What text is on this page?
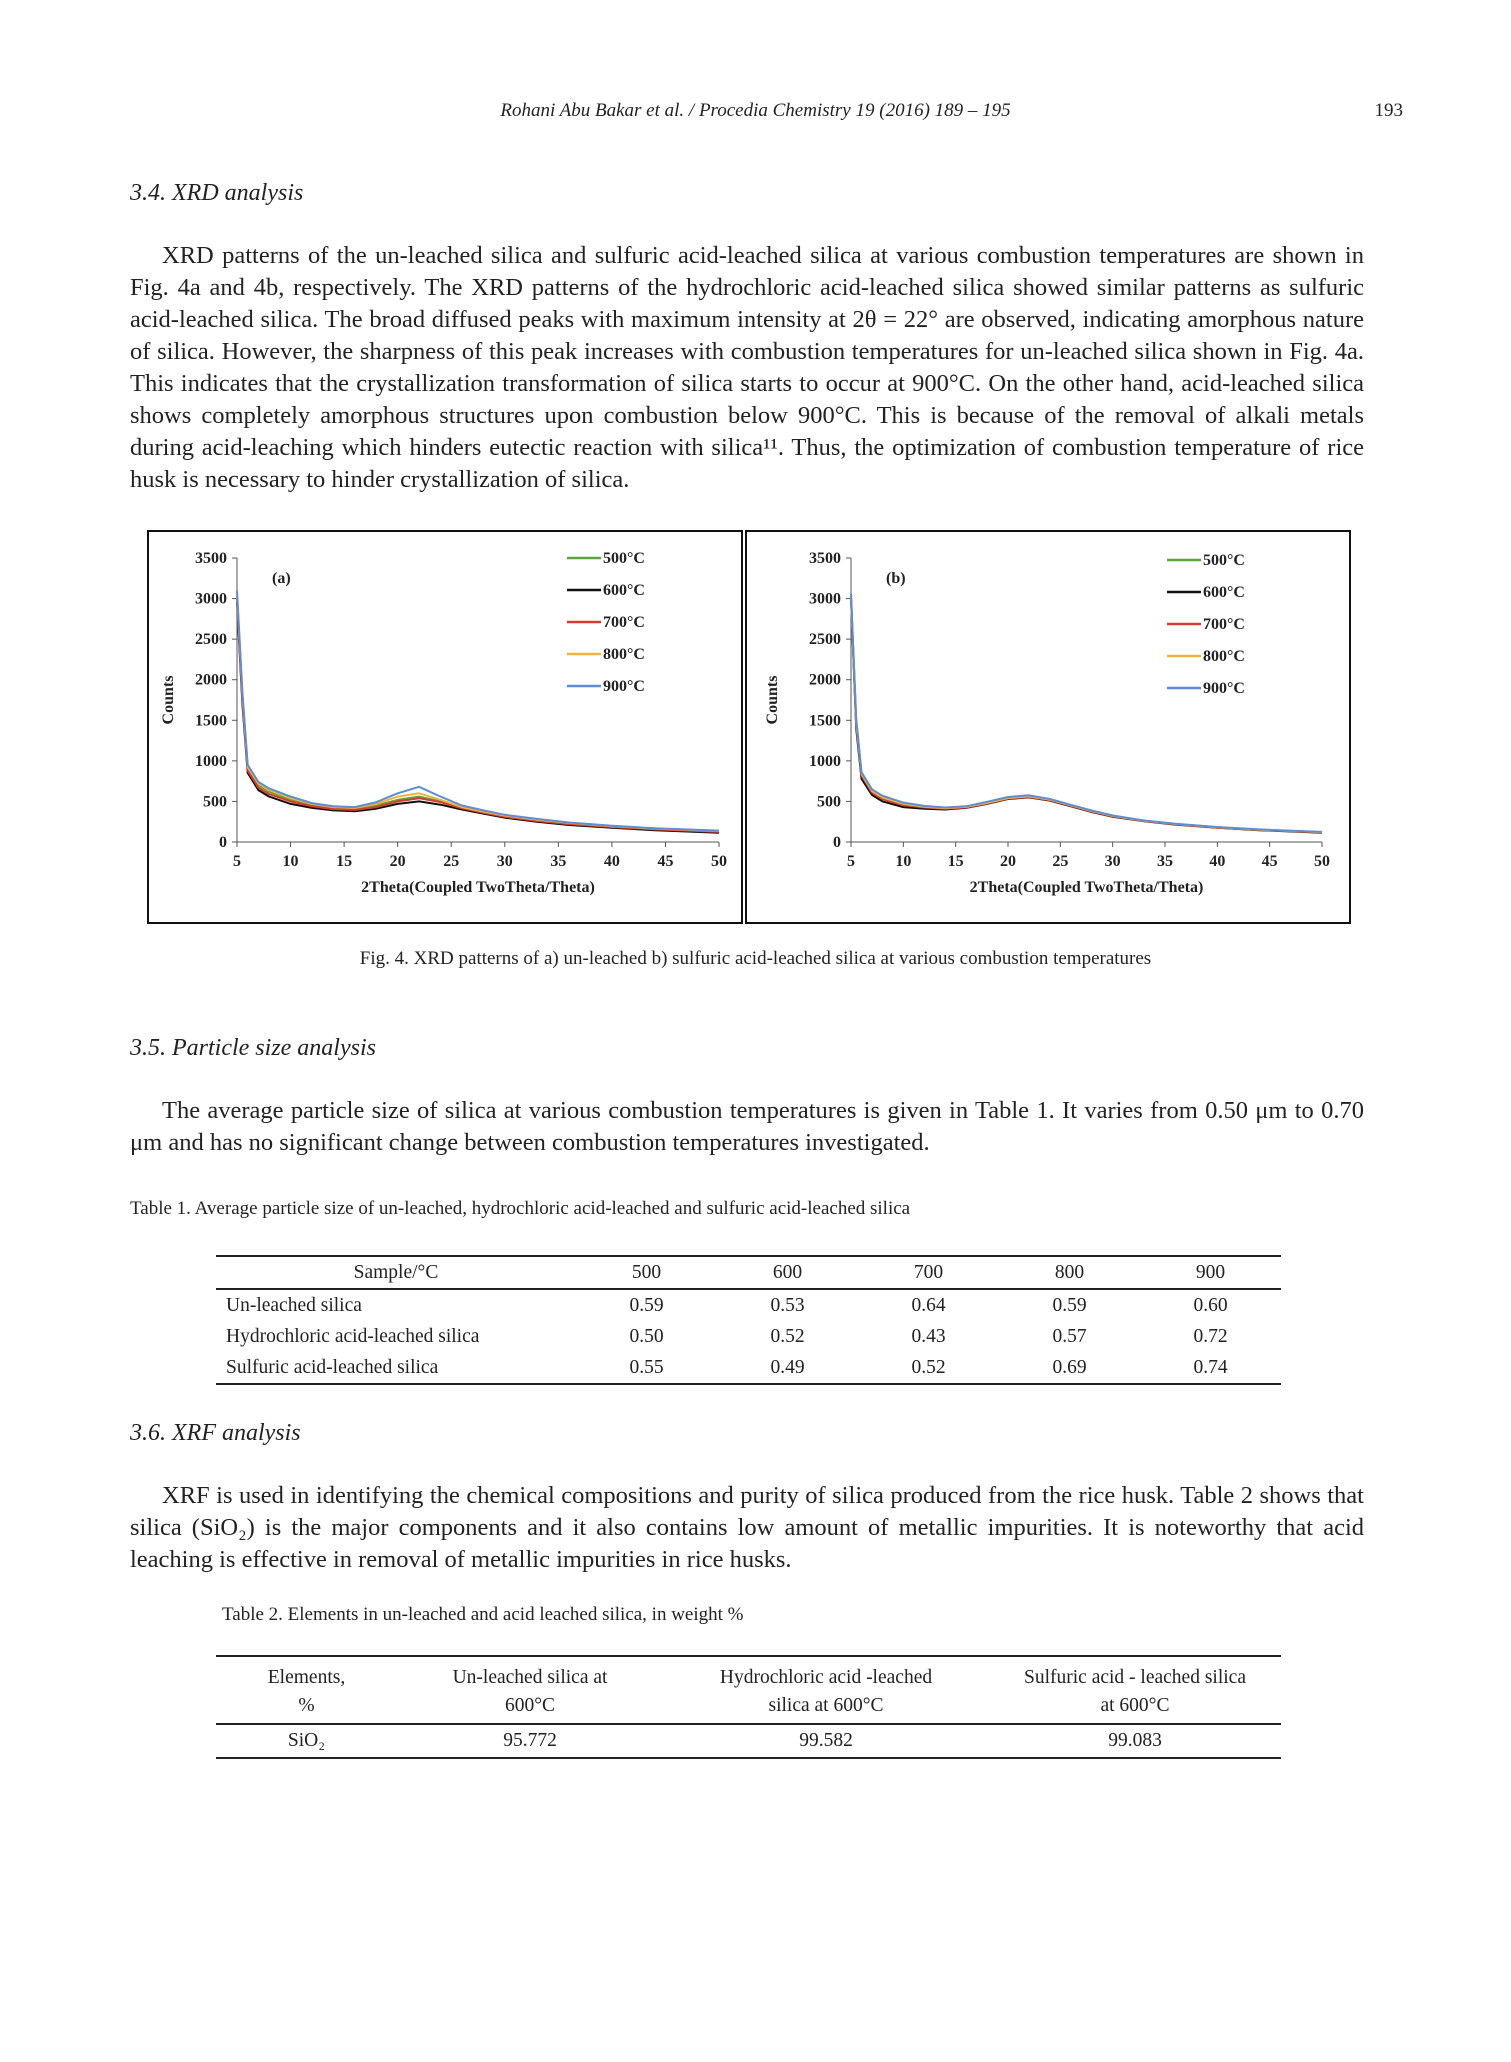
Rohani Abu Bakar et al. / Procedia Chemistry 19 (2016) 189 – 195	193
3.4. XRD analysis

XRD patterns of the un-leached silica and sulfuric acid-leached silica at various combustion temperatures are shown in Fig. 4a and 4b, respectively. The XRD patterns of the hydrochloric acid-leached silica showed similar patterns as sulfuric acid-leached silica. The broad diffused peaks with maximum intensity at 2θ = 22° are observed, indicating amorphous nature of silica. However, the sharpness of this peak increases with combustion temperatures for un-leached silica shown in Fig. 4a. This indicates that the crystallization transformation of silica starts to occur at 900°C. On the other hand, acid-leached silica shows completely amorphous structures upon combustion below 900°C. This is because of the removal of alkali metals during acid-leaching which hinders eutectic reaction with silica¹¹. Thus, the optimization of combustion temperature of rice husk is necessary to hinder crystallization of silica.

0
500
1000
1500
2000
2500
3000
3500
5	10 15 20 25 30 35 40 45 50
2Theta(Coupled TwoTheta/Theta)
Counts
(a)
500°C
600°C
700°C
800°C
900°C
0
500
1000
1500
2000
2500
3000
3500
5	10 15 20 25 30 35 40 45 50
2Theta(Coupled TwoTheta/Theta)
Counts
(b)
500°C
600°C
700°C
800°C
900°C
Fig. 4. XRD patterns of a) un-leached b) sulfuric acid-leached silica at various combustion temperatures
3.5. Particle size analysis

The average particle size of silica at various combustion temperatures is given in Table 1. It varies from 0.50 μm to 0.70 μm and has no significant change between combustion temperatures investigated.

Table 1. Average particle size of un-leached, hydrochloric acid-leached and sulfuric acid-leached silica
Sample/°C	500	600	700	800	900
Un-leached silica	0.59	0.53	0.64	0.59	0.60
Hydrochloric acid-leached silica	0.50	0.52	0.43	0.57	0.72
Sulfuric acid-leached silica	0.55	0.49	0.52	0.69	0.74
3.6. XRF analysis

XRF is used in identifying the chemical compositions and purity of silica produced from the rice husk. Table 2 shows that silica (SiO₂) is the major components and it also contains low amount of metallic impurities. It is noteworthy that acid leaching is effective in removal of metallic impurities in rice husks.

Table 2. Elements in un-leached and acid leached silica, in weight %
Elements,	Un-leached silica at	Hydrochloric acid -leached	Sulfuric acid - leached silica
%	600°C	silica at 600°C	at 600°C
SiO₂	95.772	99.582	99.083
